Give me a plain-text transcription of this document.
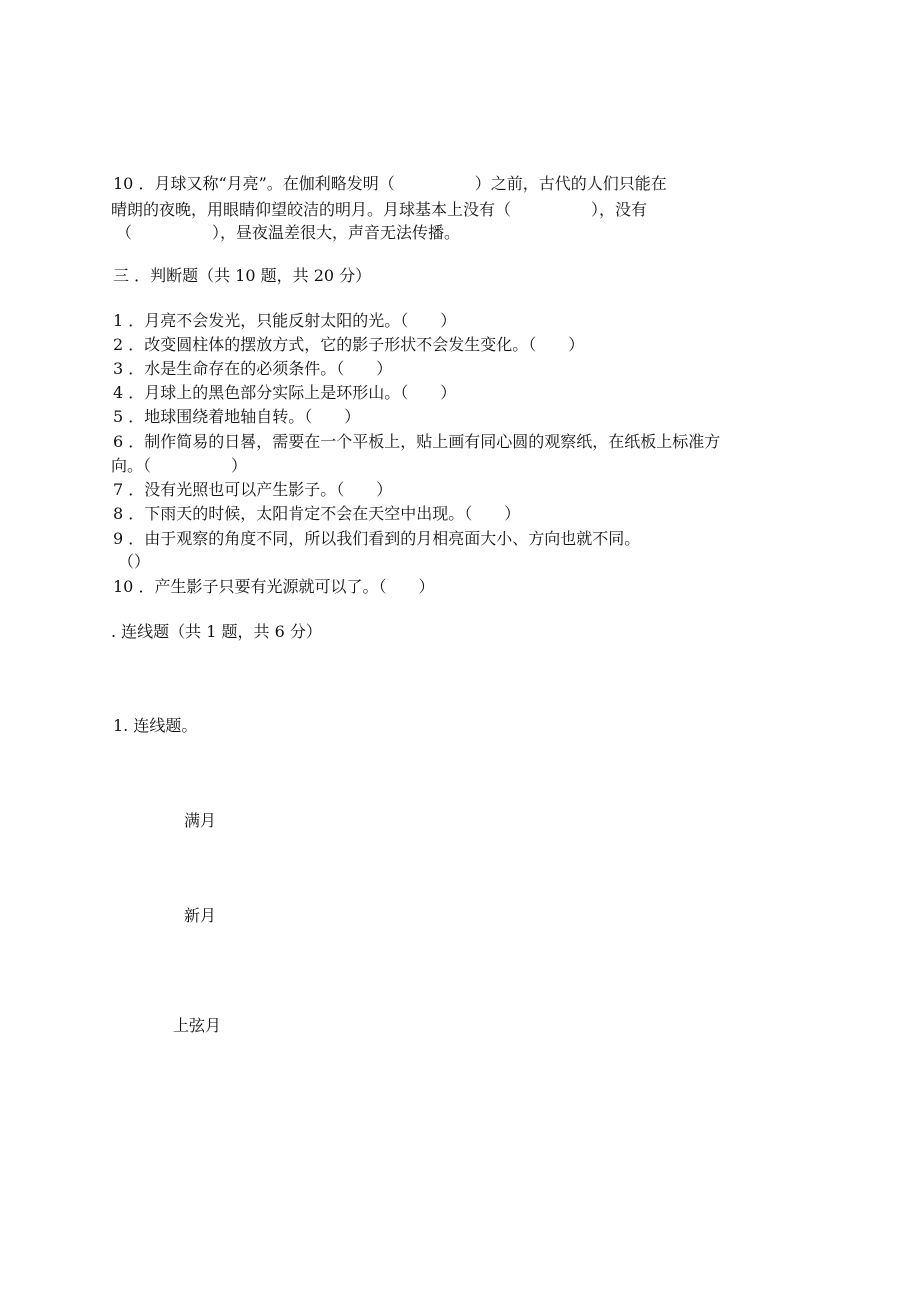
10 ．月球又称“月亮”。在伽利略发明（　　　　　）之前，古代的人们只能在
晴朗的夜晚，用眼睛仰望皎洁的明月。月球基本上没有（　　　　　），没有
（　　　　　），昼夜温差很大，声音无法传播。
三 ．判断题（共 10 题，共 20 分）
1 ．月亮不会发光，只能反射太阳的光。（　　）
2 ．改变圆柱体的摆放方式，它的影子形状不会发生变化。（　　）
3 ．水是生命存在的必须条件。（　　）
4 ．月球上的黑色部分实际上是环形山。（　　）
5 ．地球围绕着地轴自转。（　　）
6 ．制作简易的日晷，需要在一个平板上，贴上画有同心圆的观察纸，在纸板上标准方
向。（　　　　　）
7 ．没有光照也可以产生影子。（　　）
8 ．下雨天的时候，太阳肯定不会在天空中出现。（　　）
9 ．由于观察的角度不同，所以我们看到的月相亮面大小、方向也就不同。
（）
10 ．产生影子只要有光源就可以了。（　　）
. 连线题（共 1 题，共 6 分）
1. 连线题。
满月
新月
上弦月
